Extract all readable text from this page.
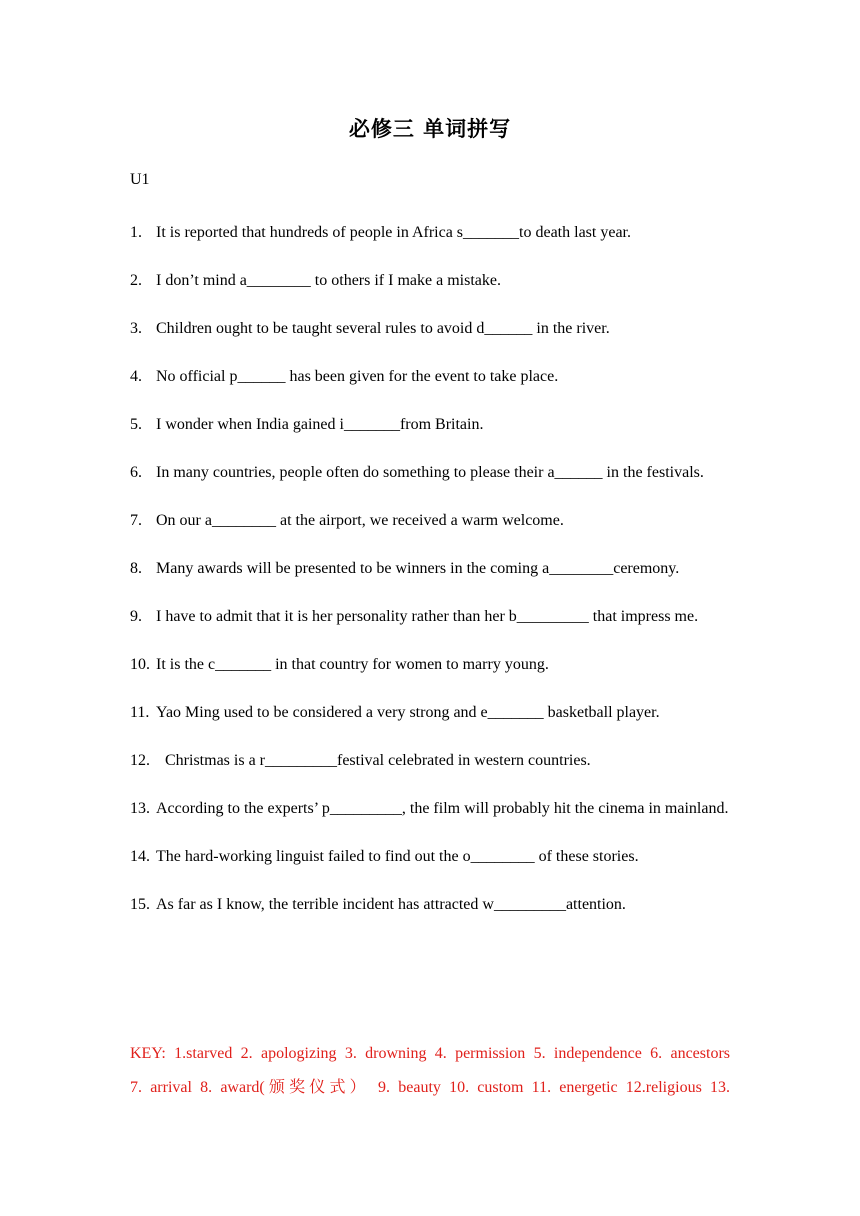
必修三 单词拼写
U1
1. It is reported that hundreds of people in Africa s_______to death last year.
2. I don’t mind a________ to others if I make a mistake.
3. Children ought to be taught several rules to avoid d______ in the river.
4. No official p______ has been given for the event to take place.
5. I wonder when India gained i_______from Britain.
6. In many countries, people often do something to please their a______ in the festivals.
7. On our a________ at the airport, we received a warm welcome.
8. Many awards will be presented to be winners in the coming a________ceremony.
9. I have to admit that it is her personality rather than her b_________ that impress me.
10. It is the c_______ in that country for women to marry young.
11. Yao Ming used to be considered a very strong and e_______ basketball player.
12. Christmas is a r_________festival celebrated in western countries.
13. According to the experts’ p_________, the film will probably hit the cinema in mainland.
14. The hard-working linguist failed to find out the o________ of these stories.
15. As far as I know, the terrible incident has attracted w_________attention.
KEY: 1.starved 2. apologizing 3. drowning 4. permission 5. independence 6. ancestors
7. arrival 8. award(颁奖仪式） 9. beauty 10. custom 11. energetic 12.religious 13.
